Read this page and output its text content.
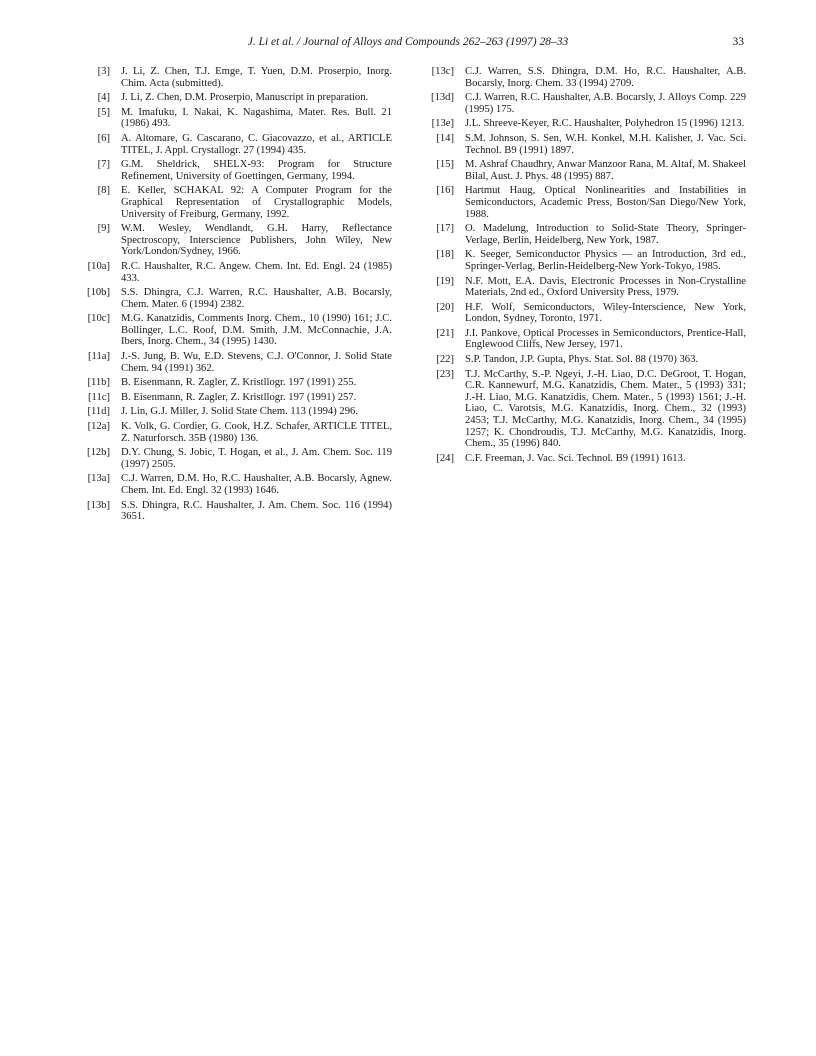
J. Li et al. / Journal of Alloys and Compounds 262–263 (1997) 28–33	33
[3]	J. Li, Z. Chen, T.J. Emge, T. Yuen, D.M. Proserpio, Inorg. Chim. Acta (submitted).
[4]	J. Li, Z. Chen, D.M. Proserpio, Manuscript in preparation.
[5]	M. Imafuku, I. Nakai, K. Nagashima, Mater. Res. Bull. 21 (1986) 493.
[6]	A. Altomare, G. Cascarano, C. Giacovazzo, et al., ARTICLE TITEL, J. Appl. Crystallogr. 27 (1994) 435.
[7]	G.M. Sheldrick, SHELX-93: Program for Structure Refinement, University of Goettingen, Germany, 1994.
[8]	E. Keller, SCHAKAL 92: A Computer Program for the Graphical Representation of Crystallographic Models, University of Freiburg, Germany, 1992.
[9]	W.M. Wesley, Wendlandt, G.H. Harry, Reflectance Spectroscopy, Interscience Publishers, John Wiley, New York/London/Sydney, 1966.
[10a]	R.C. Haushalter, R.C. Angew. Chem. Int. Ed. Engl. 24 (1985) 433.
[10b]	S.S. Dhingra, C.J. Warren, R.C. Haushalter, A.B. Bocarsly, Chem. Mater. 6 (1994) 2382.
[10c]	M.G. Kanatzidis, Comments Inorg. Chem., 10 (1990) 161; J.C. Bollinger, L.C. Roof, D.M. Smith, J.M. McConnachie, J.A. Ibers, Inorg. Chem., 34 (1995) 1430.
[11a]	J.-S. Jung, B. Wu, E.D. Stevens, C.J. O'Connor, J. Solid State Chem. 94 (1991) 362.
[11b]	B. Eisenmann, R. Zagler, Z. Kristllogr. 197 (1991) 255.
[11c]	B. Eisenmann, R. Zagler, Z. Kristllogr. 197 (1991) 257.
[11d]	J. Lin, G.J. Miller, J. Solid State Chem. 113 (1994) 296.
[12a]	K. Volk, G. Cordier, G. Cook, H.Z. Schafer, ARTICLE TITEL, Z. Naturforsch. 35B (1980) 136.
[12b]	D.Y. Chung, S. Jobic, T. Hogan, et al., J. Am. Chem. Soc. 119 (1997) 2505.
[13a]	C.J. Warren, D.M. Ho, R.C. Haushalter, A.B. Bocarsly, Agnew. Chem. Int. Ed. Engl. 32 (1993) 1646.
[13b]	S.S. Dhingra, R.C. Haushalter, J. Am. Chem. Soc. 116 (1994) 3651.
[13c]	C.J. Warren, S.S. Dhingra, D.M. Ho, R.C. Haushalter, A.B. Bocarsly, Inorg. Chem. 33 (1994) 2709.
[13d]	C.J. Warren, R.C. Haushalter, A.B. Bocarsly, J. Alloys Comp. 229 (1995) 175.
[13e]	J.L. Shreeve-Keyer, R.C. Haushalter, Polyhedron 15 (1996) 1213.
[14]	S.M. Johnson, S. Sen, W.H. Konkel, M.H. Kalisher, J. Vac. Sci. Technol. B9 (1991) 1897.
[15]	M. Ashraf Chaudhry, Anwar Manzoor Rana, M. Altaf, M. Shakeel Bilal, Aust. J. Phys. 48 (1995) 887.
[16]	Hartmut Haug, Optical Nonlinearities and Instabilities in Semiconductors, Academic Press, Boston/San Diego/New York, 1988.
[17]	O. Madelung, Introduction to Solid-State Theory, Springer-Verlage, Berlin, Heidelberg, New York, 1987.
[18]	K. Seeger, Semiconductor Physics — an Introduction, 3rd ed., Springer-Verlag, Berlin-Heidelberg-New York-Tokyo, 1985.
[19]	N.F. Mott, E.A. Davis, Electronic Processes in Non-Crystalline Materials, 2nd ed., Oxford University Press, 1979.
[20]	H.F. Wolf, Semiconductors, Wiley-Interscience, New York, London, Sydney, Toronto, 1971.
[21]	J.I. Pankove, Optical Processes in Semiconductors, Prentice-Hall, Englewood Cliffs, New Jersey, 1971.
[22]	S.P. Tandon, J.P. Gupta, Phys. Stat. Sol. 88 (1970) 363.
[23]	T.J. McCarthy, S.-P. Ngeyi, J.-H. Liao, D.C. DeGroot, T. Hogan, C.R. Kannewurf, M.G. Kanatzidis, Chem. Mater., 5 (1993) 331; J.-H. Liao, M.G. Kanatzidis, Chem. Mater., 5 (1993) 1561; J.-H. Liao, C. Varotsis, M.G. Kanatzidis, Inorg. Chem., 32 (1993) 2453; T.J. McCarthy, M.G. Kanatzidis, Inorg. Chem., 34 (1995) 1257; K. Chondroudis, T.J. McCarthy, M.G. Kanatzidis, Inorg. Chem., 35 (1996) 840.
[24]	C.F. Freeman, J. Vac. Sci. Technol. B9 (1991) 1613.
